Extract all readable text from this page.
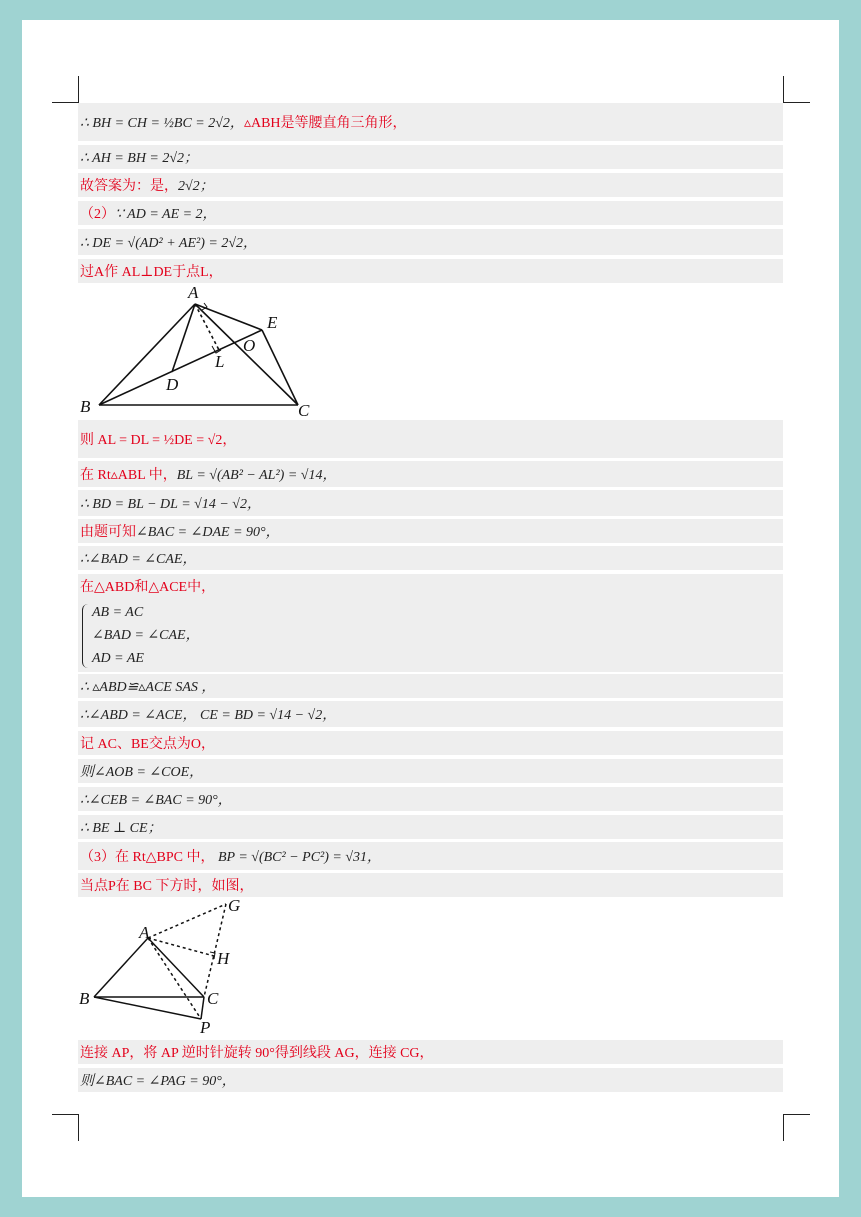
∴ BH = CH = ½BC = 2√2， ▵ABH是等腰直角三角形，
∴ AH = BH = 2√2；
故答案为：是， 2√2；
（2） ∵ AD = AE = 2，
∴ DE = √(AD² + AE²) = 2√2，
过A作 AL⊥DE于点L，
A
B	C
D
E
O
L
则 AL = DL = ½DE = √2，
在 Rt▵ABL 中， BL = √(AB² − AL²) = √14，
∴ BD = BL − DL = √14 − √2，
由题可知 ∠BAC = ∠DAE = 90°，
∴∠BAD = ∠CAE，
在△ABD和△ACE中，
AB = AC
∠BAD = ∠CAE，
AD = AE
∴ ▵ABD≌▵ACE SAS ，
∴∠ABD = ∠ACE， CE = BD = √14 − √2，
记 AC、BE交点为O，
则∠AOB = ∠COE，
∴∠CEB = ∠BAC = 90°，
∴ BE ⊥ CE；
（3）在 Rt△BPC 中， BP = √(BC² − PC²) = √31，
当点P在 BC 下方时，如图，
A
B	C
G
H
P
连接 AP，将 AP 逆时针旋转 90°得到线段 AG，连接 CG，
则∠BAC = ∠PAG = 90°，
